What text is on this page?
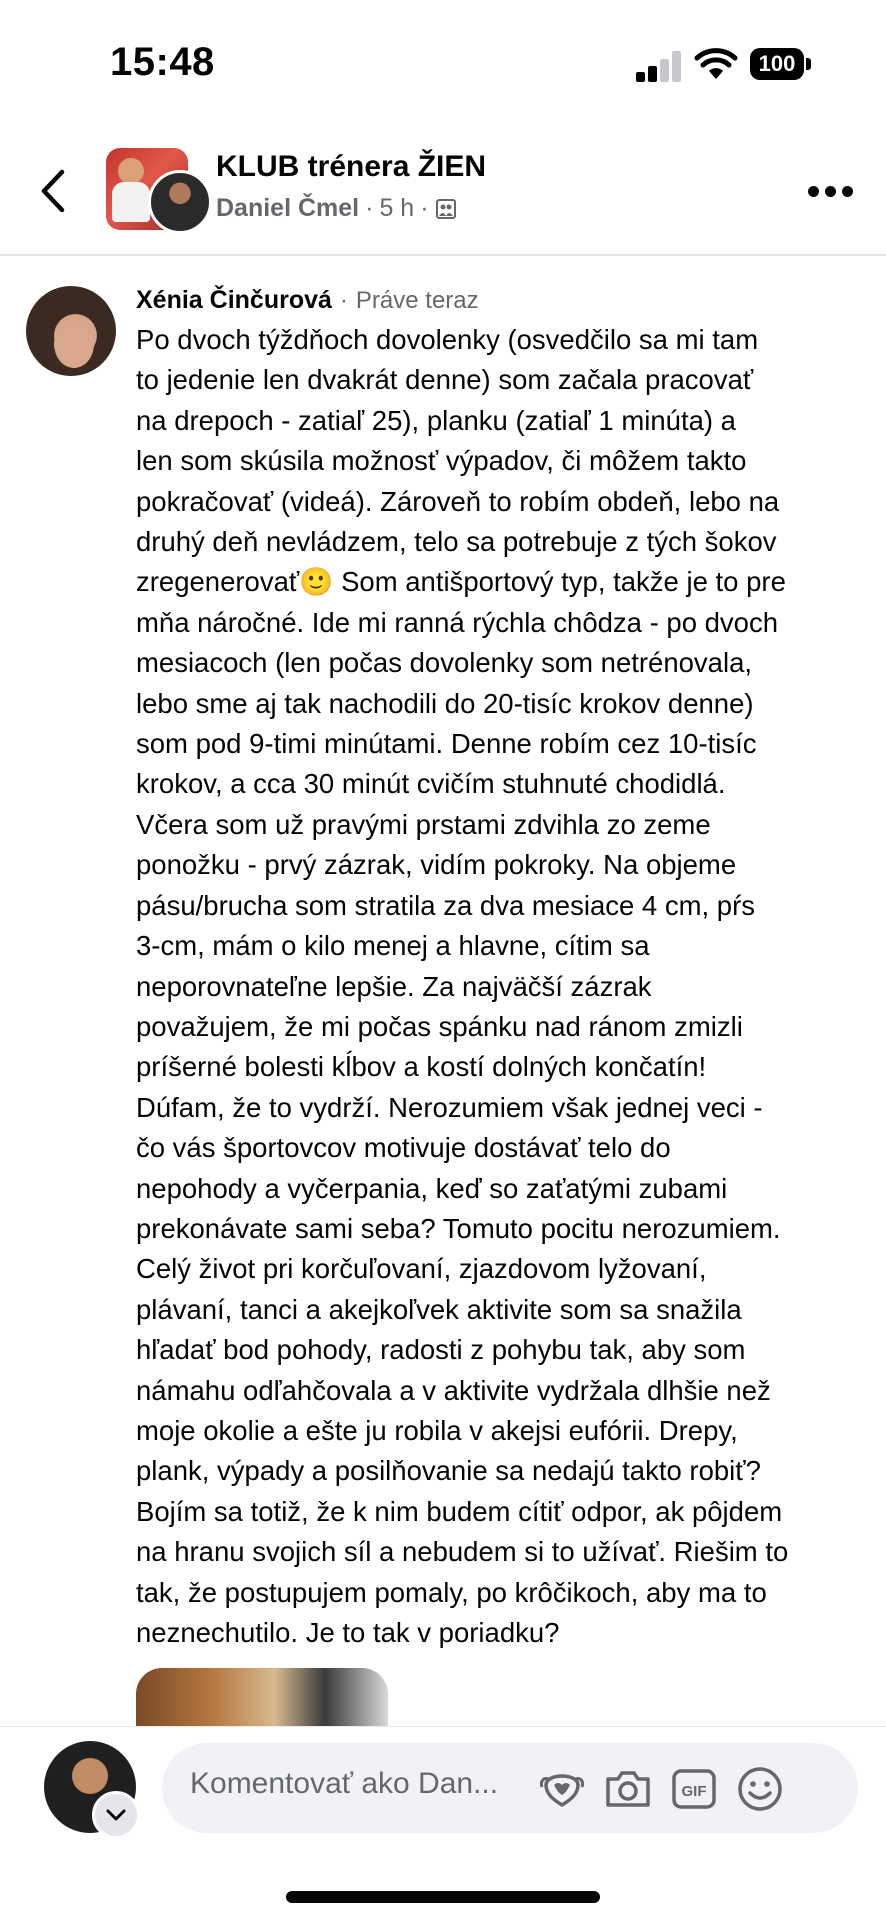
15:48	100
KLUB trénera ŽIEN
Daniel Čmel · 5 h ·
Xénia Činčurová · Práve teraz
Po dvoch týždňoch dovolenky (osvedčilo sa mi tam
to jedenie len dvakrát denne) som začala pracovať
na drepoch - zatiaľ 25), planku (zatiaľ 1 minúta) a
len som skúsila možnosť výpadov, či môžem takto
pokračovať (videá). Zároveň to robím obdeň, lebo na
druhý deň nevládzem, telo sa potrebuje z tých šokov
zregenerovať🙂 Som antišportový typ, takže je to pre
mňa náročné. Ide mi ranná rýchla chôdza - po dvoch
mesiacoch (len počas dovolenky som netrénovala,
lebo sme aj tak nachodili do 20-tisíc krokov denne)
som pod 9-timi minútami. Denne robím cez 10-tisíc
krokov, a cca 30 minút cvičím stuhnuté chodidlá.
Včera som už pravými prstami zdvihla zo zeme
ponožku - prvý zázrak, vidím pokroky. Na objeme
pásu/brucha som stratila za dva mesiace 4 cm, pŕs
3-cm, mám o kilo menej a hlavne, cítim sa
neporovnateľne lepšie. Za najväčší zázrak
považujem, že mi počas spánku nad ránom zmizli
príšerné bolesti kĺbov a kostí dolných končatín!
Dúfam, že to vydrží. Nerozumiem však jednej veci -
čo vás športovcov motivuje dostávať telo do
nepohody a vyčerpania, keď so zaťatými zubami
prekonávate sami seba? Tomuto pocitu nerozumiem.
Celý život pri korčuľovaní, zjazdovom lyžovaní,
plávaní, tanci a akejkoľvek aktivite som sa snažila
hľadať bod pohody, radosti z pohybu tak, aby som
námahu odľahčovala a v aktivite vydržala dlhšie než
moje okolie a ešte ju robila v akejsi eufórii. Drepy,
plank, výpady a posilňovanie sa nedajú takto robiť?
Bojím sa totiž, že k nim budem cítiť odpor, ak pôjdem
na hranu svojich síl a nebudem si to užívať. Riešim to
tak, že postupujem pomaly, po krôčikoch, aby ma to
neznechutilo. Je to tak v poriadku?
Komentovať ako Dan...	GIF
